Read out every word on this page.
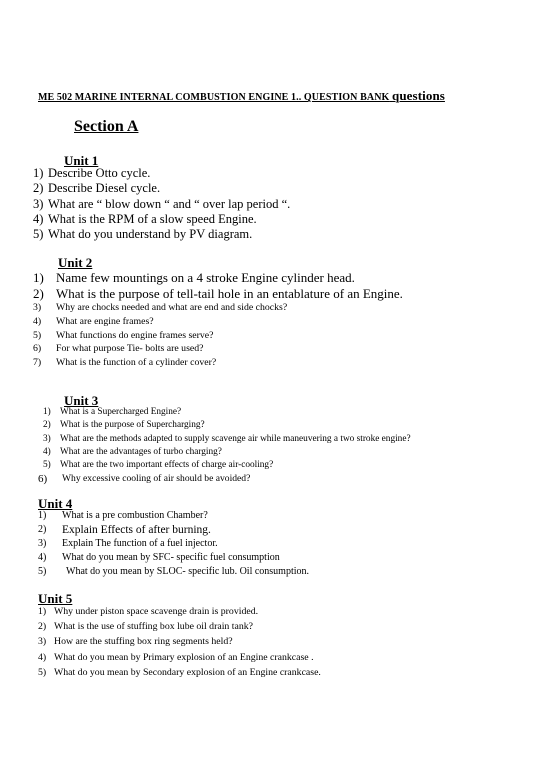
ME 502 MARINE INTERNAL COMBUSTION ENGINE 1.. QUESTION BANK questions
Section A
Unit 1
1) Describe Otto cycle.
2) Describe Diesel cycle.
3) What are “ blow down “ and “ over lap period “.
4) What is the RPM of a slow speed Engine.
5) What do you understand by PV diagram.
Unit 2
1) Name few mountings on a 4 stroke Engine cylinder head.
2) What is the purpose of tell-tail hole in an entablature of an Engine.
3)	Why are chocks needed and what are end and side chocks?
4)	What are engine frames?
5)	What functions do engine frames serve?
6)	For what purpose Tie- bolts are used?
7)	What is the function of a cylinder cover?
Unit 3
1) What is a Supercharged Engine?
2) What is the purpose of Supercharging?
3) What are the methods adapted to supply scavenge air while maneuvering a two stroke engine?
4) What are the advantages of turbo charging?
5) What are the two important effects of charge air-cooling?
6)	Why excessive cooling of air should be avoided?
Unit 4
1)	What is a pre combustion Chamber?
2)	Explain Effects of after burning.
3)	Explain The function of a fuel injector.
4)	What do you mean by SFC- specific fuel consumption
5)	What do you mean by SLOC- specific lub. Oil consumption.
Unit 5
1) Why under piston space scavenge drain is provided.
2) What is the use of stuffing box lube oil drain tank?
3) How are the stuffing box ring segments held?
4) What do you mean by Primary explosion of an Engine crankcase .
5) What do you mean by Secondary explosion of an Engine crankcase.
